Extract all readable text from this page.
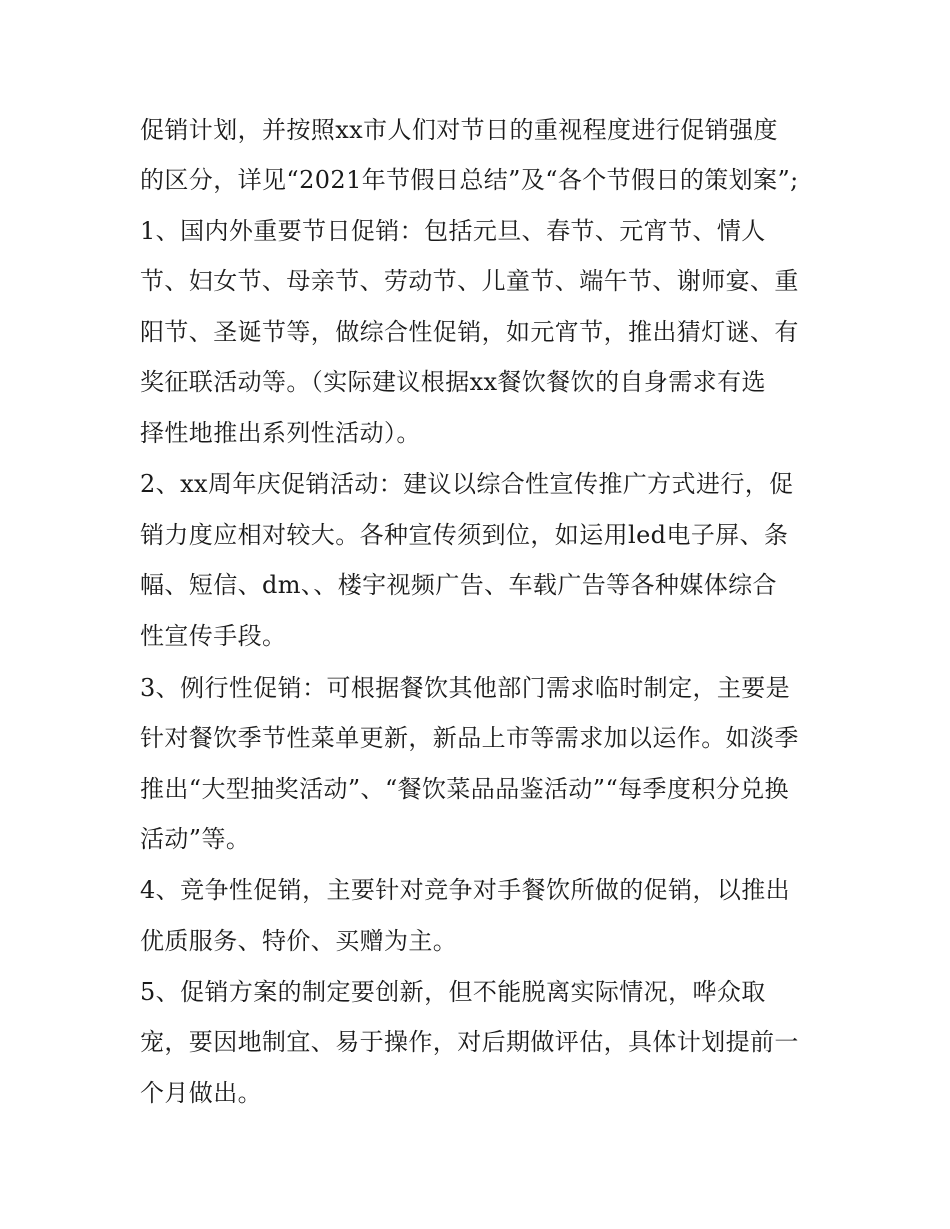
促销计划，并按照xx市人们对节日的重视程度进行促销强度
的区分，详见“2021年节假日总结”及“各个节假日的策划案”;
1、国内外重要节日促销：包括元旦、春节、元宵节、情人
节、妇女节、母亲节、劳动节、儿童节、端午节、谢师宴、重
阳节、圣诞节等，做综合性促销，如元宵节，推出猜灯谜、有
奖征联活动等。（实际建议根据xx餐饮餐饮的自身需求有选
择性地推出系列性活动）。
2、xx周年庆促销活动：建议以综合性宣传推广方式进行，促
销力度应相对较大。各种宣传须到位，如运用led电子屏、条
幅、短信、dm、、楼宇视频广告、车载广告等各种媒体综合
性宣传手段。
3、例行性促销：可根据餐饮其他部门需求临时制定，主要是
针对餐饮季节性菜单更新，新品上市等需求加以运作。如淡季
推出“大型抽奖活动”、“餐饮菜品品鉴活动”“每季度积分兑换
活动”等。
4、竞争性促销，主要针对竞争对手餐饮所做的促销，以推出
优质服务、特价、买赠为主。
5、促销方案的制定要创新，但不能脱离实际情况，哗众取
宠，要因地制宜、易于操作，对后期做评估，具体计划提前一
个月做出。
